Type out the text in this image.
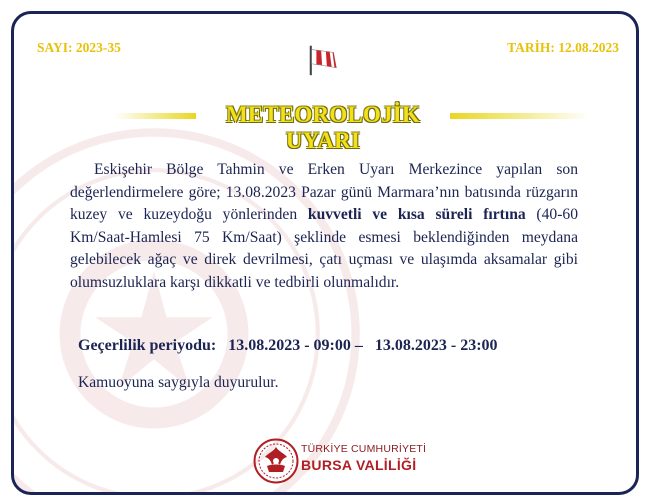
SAYI: 2023-35	TARİH: 12.08.2023
METEOROLOJİK UYARI
Eskişehir Bölge Tahmin ve Erken Uyarı Merkezince yapılan son değerlendirmelere göre; 13.08.2023 Pazar günü Marmara’nın batısında rüzgarın kuzey ve kuzeydoğu yönlerinden kuvvetli ve kısa süreli fırtına (40-60 Km/Saat-Hamlesi 75 Km/Saat) şeklinde esmesi beklendiğinden meydana gelebilecek ağaç ve direk devrilmesi, çatı uçması ve ulaşımda aksamalar gibi olumsuzluklara karşı dikkatli ve tedbirli olunmalıdır.
Geçerlilik periyodu: 13.08.2023 - 09:00 – 13.08.2023 - 23:00
Kamuoyuna saygıyla duyurulur.
TÜRKİYE CUMHURİYETİ
BURSA VALİLİĞİ
